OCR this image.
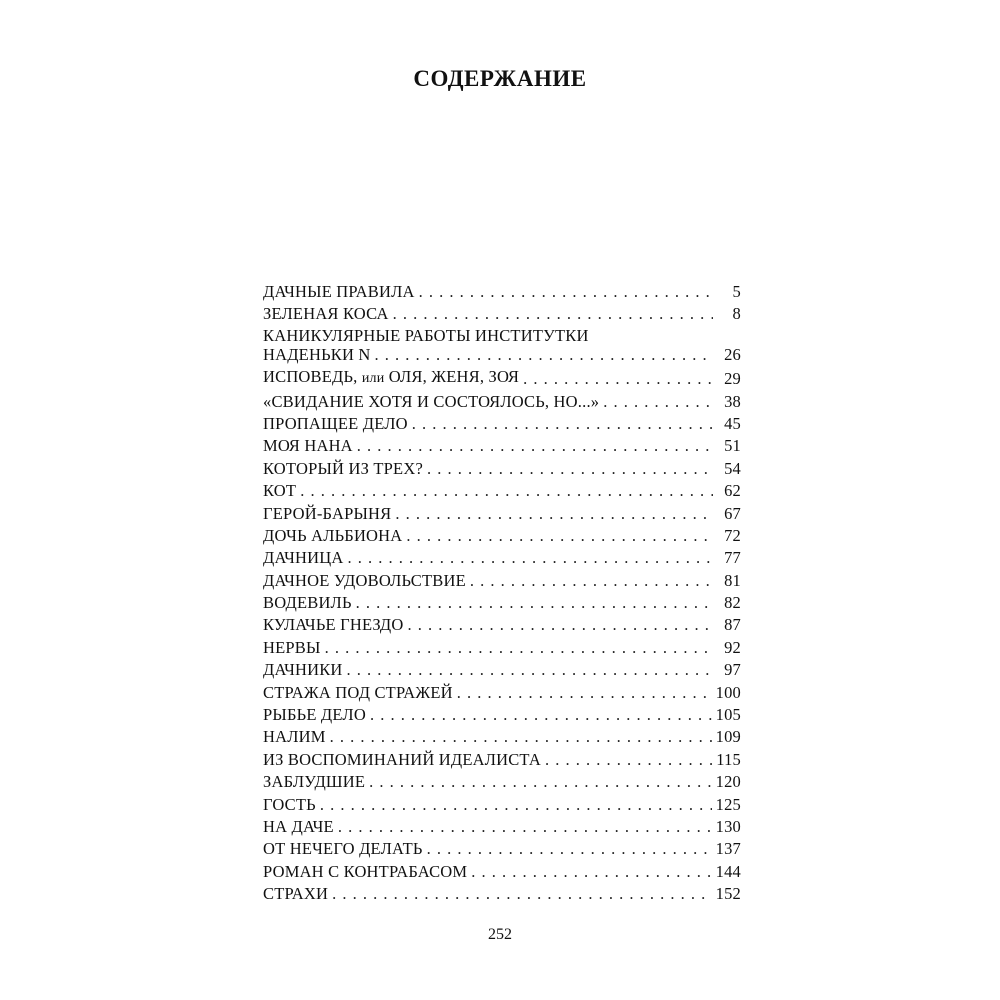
СОДЕРЖАНИЕ
ДАЧНЫЕ ПРАВИЛА . . .	5
ЗЕЛЕНАЯ КОСА . . .	8
КАНИКУЛЯРНЫЕ РАБОТЫ ИНСТИТУТКИ
НАДЕНЬКИ N . . .	26
ИСПОВЕДЬ, или ОЛЯ, ЖЕНЯ, ЗОЯ . . .	29
«СВИДАНИЕ ХОТЯ И СОСТОЯЛОСЬ, НО...» . . .	38
ПРОПАЩЕЕ ДЕЛО . . .	45
МОЯ НАНА . . .	51
КОТОРЫЙ ИЗ ТРЕХ? . . .	54
КОТ . . .	62
ГЕРОЙ-БАРЫНЯ . . .	67
ДОЧЬ АЛЬБИОНА . . .	72
ДАЧНИЦА . . .	77
ДАЧНОЕ УДОВОЛЬСТВИЕ . . .	81
ВОДЕВИЛЬ . . .	82
КУЛАЧЬЕ ГНЕЗДО . . .	87
НЕРВЫ . . .	92
ДАЧНИКИ . . .	97
СТРАЖА ПОД СТРАЖЕЙ . . .	100
РЫБЬЕ ДЕЛО . . .	105
НАЛИМ . . .	109
ИЗ ВОСПОМИНАНИЙ ИДЕАЛИСТА . . .	115
ЗАБЛУДШИЕ . . .	120
ГОСТЬ . . .	125
НА ДАЧЕ . . .	130
ОТ НЕЧЕГО ДЕЛАТЬ . . .	137
РОМАН С КОНТРАБАСОМ . . .	144
СТРАХИ . . .	152
252
